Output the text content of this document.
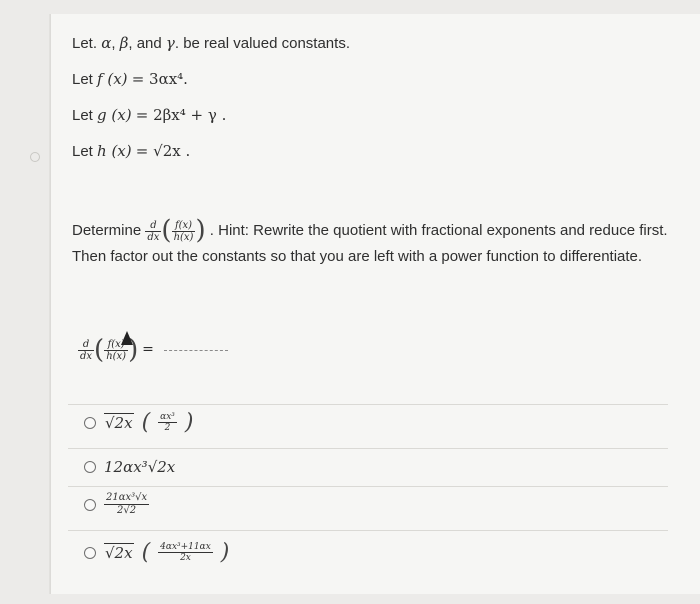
Let. α, β, and γ. be real valued constants.
Let f (x) = 3αx⁴.
Let g (x) = 2βx⁴ + γ .
Let h (x) = √2x .
Determine $\frac{d}{dx}$ ( $\frac{f(x)}{h(x)}$ ) . Hint: Rewrite the quotient with fractional exponents and reduce first. Then factor out the constants so that you are left with a power function to differentiate.
$\frac{d}{dx}$ ( $\frac{f(x)}{h(x)}$ ) =
√2x ( $\frac{\text{αx³}}{2}$ )
12αx³√2x
$\frac{\text{21αx³√x}}{2√2}$
√2x ( $\frac{\text{4αx³+11αx}}{2x}$ )
